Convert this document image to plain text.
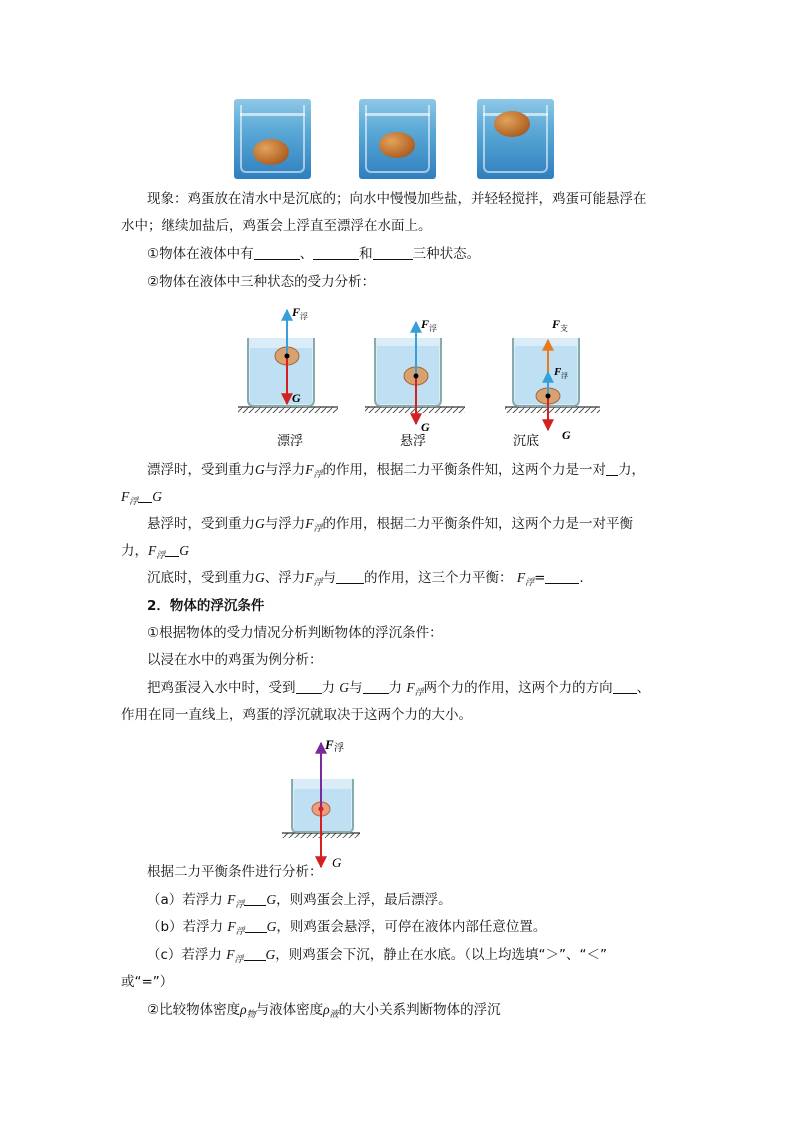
现象：鸡蛋放在清水中是沉底的；向水中慢慢加些盐，并轻轻搅拌，鸡蛋可能悬浮在
水中；继续加盐后，鸡蛋会上浮直至漂浮在水面上。
①物体在液体中有	、	和	三种状态。
②物体在液体中三种状态的受力分析：
F 浮
G
F 浮
G
F 支
F 浮
G
漂浮	悬浮	沉底
漂浮时，受到重力G与浮力$F_浮$的作用，根据二力平衡条件知，这两个力是一对 力，
$F_浮$ G
悬浮时，受到重力G与浮力$F_浮$的作用，根据二力平衡条件知，这两个力是一对平衡
力，$F_浮$ G
沉底时，受到重力G、浮力$F_浮$与 的作用，这三个力平衡： $F_浮=$	.
2．物体的浮沉条件
①根据物体的受力情况分析判断物体的浮沉条件：
以浸在水中的鸡蛋为例分析：
把鸡蛋浸入水中时，受到 力 G与 力 $F_浮$两个力的作用，这两个力的方向 、
作用在同一直线上，鸡蛋的浮沉就取决于这两个力的大小。
F 浮
G
根据二力平衡条件进行分析：
（a）若浮力 $F_浮$ G，则鸡蛋会上浮，最后漂浮。
（b）若浮力 $F_浮$ G，则鸡蛋会悬浮，可停在液体内部任意位置。
（c）若浮力 $F_浮$ G，则鸡蛋会下沉，静止在水底。（以上均选填“＞”、“＜”
或“=”）
②比较物体密度$\rho_物$与液体密度$\rho_液$的大小关系判断物体的浮沉
